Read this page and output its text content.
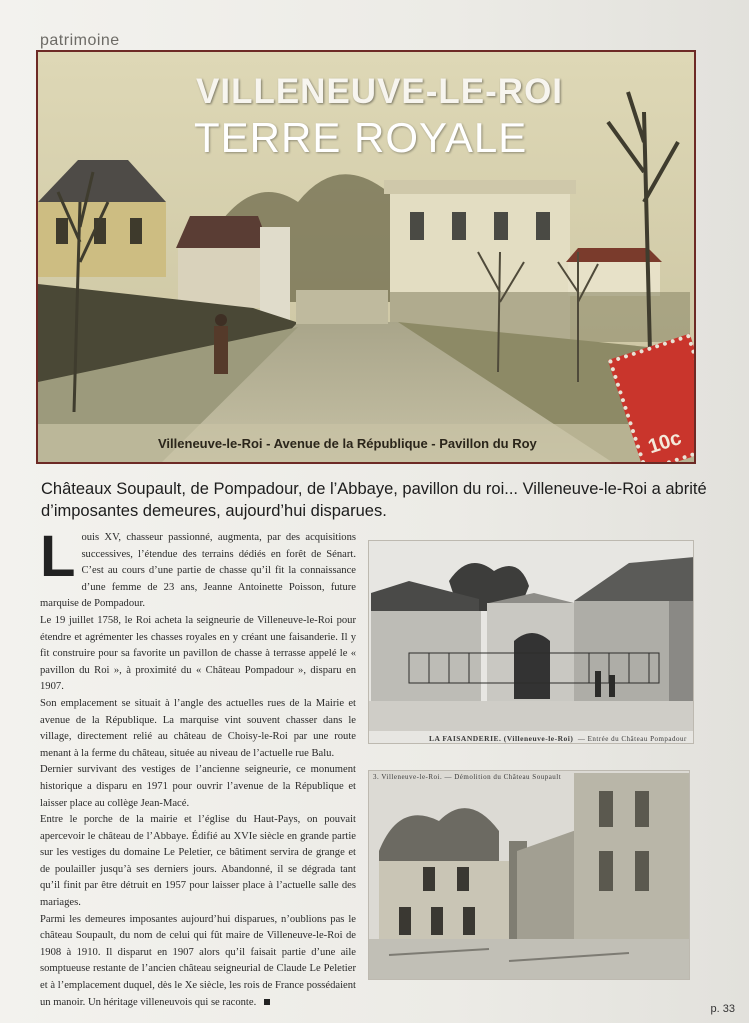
patrimoine
VILLENEUVE-LE-ROI
TERRE ROYALE
Villeneuve-le-Roi - Avenue de la République - Pavillon du Roy	10c
Châteaux Soupault, de Pompadour, de l’Abbaye, pavillon du roi... Villeneuve-le-Roi a abrité d’imposantes demeures, aujourd’hui disparues.

Louis XV, chasseur passionné, augmenta, par des acquisitions successives, l’étendue des terrains dédiés en forêt de Sénart. C’est au cours d’une partie de chasse qu’il fit la connaissance d’une femme de 23 ans, Jeanne Antoinette Poisson, future marquise de Pompadour.

Le 19 juillet 1758, le Roi acheta la seigneurie de Villeneuve-le-Roi pour étendre et agrémenter les chasses royales en y créant une faisanderie. Il y fit construire pour sa favorite un pavillon de chasse à terrasse appelé le « pavillon du Roi », à proximité du « Château Pompadour », disparu en 1907.

Son emplacement se situait à l’angle des actuelles rues de la Mairie et avenue de la République. La marquise vint souvent chasser dans le village, directement relié au château de Choisy-le-Roi par une route menant à la ferme du château, située au niveau de l’actuelle rue Balu.

Dernier survivant des vestiges de l’ancienne seigneurie, ce monument historique a disparu en 1971 pour ouvrir l’avenue de la République et laisser place au collège Jean-Macé.

Entre le porche de la mairie et l’église du Haut-Pays, on pouvait apercevoir le château de l’Abbaye. Édifié au XVIe siècle en grande partie sur les vestiges du domaine Le Peletier, ce bâtiment servira de grange et de poulailler jusqu’à ses derniers jours. Abandonné, il se dégrada tant qu’il finit par être détruit en 1957 pour laisser place à l’actuelle salle des mariages.

Parmi les demeures imposantes aujourd’hui disparues, n’oublions pas le château Soupault, du nom de celui qui fût maire de Villeneuve-le-Roi de 1908 à 1910. Il disparut en 1907 alors qu’il faisait partie d’une aile somptueuse restante de l’ancien château seigneurial de Claude Le Peletier et à l’emplacement duquel, dès le Xe siècle, les rois de France possédaient un manoir. Un héritage villeneuvois qui se raconte.

LA FAISANDERIE. (Villeneuve-le-Roi) — Entrée du Château Pompadour
3. Villeneuve-le-Roi. — Démolition du Château Soupault
p. 33
